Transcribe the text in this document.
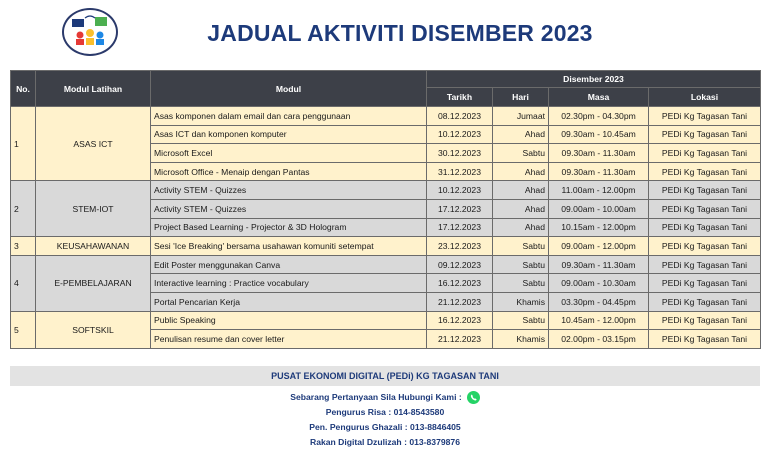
JADUAL AKTIVITI DISEMBER 2023
No.	Modul Latihan	Modul	Disember 2023			
			Tarikh	Hari	Masa	Lokasi
1	ASAS ICT	Asas komponen dalam email dan cara penggunaan	08.12.2023	Jumaat	02.30pm - 04.30pm	PEDi Kg Tagasan Tani
		Asas ICT dan komponen komputer	10.12.2023	Ahad	09.30am - 10.45am	PEDi Kg Tagasan Tani
		Microsoft Excel	30.12.2023	Sabtu	09.30am - 11.30am	PEDi Kg Tagasan Tani
		Microsoft Office - Menaip dengan Pantas	31.12.2023	Ahad	09.30am - 11.30am	PEDi Kg Tagasan Tani
2	STEM-IOT	Activity STEM - Quizzes	10.12.2023	Ahad	11.00am - 12.00pm	PEDi Kg Tagasan Tani
		Activity STEM - Quizzes	17.12.2023	Ahad	09.00am - 10.00am	PEDi Kg Tagasan Tani
		Project Based Learning - Projector & 3D Hologram	17.12.2023	Ahad	10.15am - 12.00pm	PEDi Kg Tagasan Tani
3	KEUSAHAWANAN	Sesi 'Ice Breaking' bersama usahawan komuniti setempat	23.12.2023	Sabtu	09.00am - 12.00pm	PEDi Kg Tagasan Tani
4	E-PEMBELAJARAN	Edit Poster menggunakan Canva	09.12.2023	Sabtu	09.30am - 11.30am	PEDi Kg Tagasan Tani
		Interactive learning : Practice vocabulary	16.12.2023	Sabtu	09.00am - 10.30am	PEDi Kg Tagasan Tani
		Portal Pencarian Kerja	21.12.2023	Khamis	03.30pm - 04.45pm	PEDi Kg Tagasan Tani
5	SOFTSKIL	Public Speaking	16.12.2023	Sabtu	10.45am - 12.00pm	PEDi Kg Tagasan Tani
		Penulisan resume dan cover letter	21.12.2023	Khamis	02.00pm - 03.15pm	PEDi Kg Tagasan Tani
PUSAT EKONOMI DIGITAL (PEDi) KG TAGASAN TANI
Sebarang Pertanyaan Sila Hubungi Kami :
Pengurus Risa : 014-8543580
Pen. Pengurus Ghazali : 013-8846405
Rakan Digital Dzulizah : 013-8379876
